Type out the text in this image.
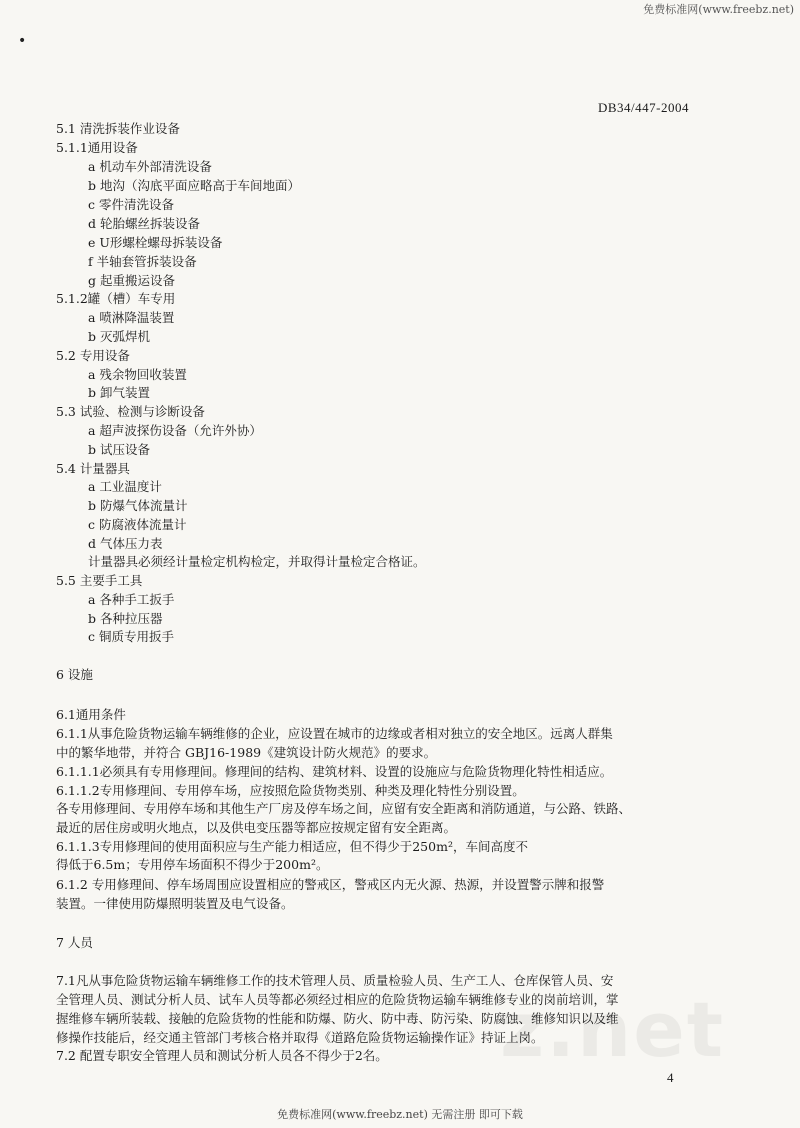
免费标准网(www.freebz.net)
•
DB34/447-2004
z.net
5.1 清洗拆装作业设备
5.1.1通用设备
a 机动车外部清洗设备
b 地沟（沟底平面应略高于车间地面）
c 零件清洗设备
d 轮胎螺丝拆装设备
e U形螺栓螺母拆装设备
f 半轴套管拆装设备
g 起重搬运设备
5.1.2罐（槽）车专用
a 喷淋降温装置
b 灭弧焊机
5.2 专用设备
a 残余物回收装置
b 卸气装置
5.3 试验、检测与诊断设备
a 超声波探伤设备（允许外协）
b 试压设备
5.4 计量器具
a 工业温度计
b 防爆气体流量计
c 防腐液体流量计
d 气体压力表
计量器具必须经计量检定机构检定，并取得计量检定合格证。
5.5 主要手工具
a 各种手工扳手
b 各种拉压器
c 铜质专用扳手
6 设施
6.1通用条件
6.1.1从事危险货物运输车辆维修的企业，应设置在城市的边缘或者相对独立的安全地区。远离人群集
中的繁华地带，并符合 GBJ16-1989《建筑设计防火规范》的要求。
6.1.1.1必须具有专用修理间。修理间的结构、建筑材料、设置的设施应与危险货物理化特性相适应。
6.1.1.2专用修理间、专用停车场，应按照危险货物类别、种类及理化特性分别设置。
各专用修理间、专用停车场和其他生产厂房及停车场之间，应留有安全距离和消防通道，与公路、铁路、
最近的居住房或明火地点，以及供电变压器等都应按规定留有安全距离。
6.1.1.3专用修理间的使用面积应与生产能力相适应，但不得少于250m²，车间高度不
得低于6.5m；专用停车场面积不得少于200m²。
6.1.2 专用修理间、停车场周围应设置相应的警戒区，警戒区内无火源、热源，并设置警示牌和报警
装置。一律使用防爆照明装置及电气设备。
7 人员
7.1凡从事危险货物运输车辆维修工作的技术管理人员、质量检验人员、生产工人、仓库保管人员、安
全管理人员、测试分析人员、试车人员等都必须经过相应的危险货物运输车辆维修专业的岗前培训，掌
握维修车辆所装载、接触的危险货物的性能和防爆、防火、防中毒、防污染、防腐蚀、维修知识以及维
修操作技能后，经交通主管部门考核合格并取得《道路危险货物运输操作证》持证上岗。
7.2 配置专职安全管理人员和测试分析人员各不得少于2名。
4
免费标准网(www.freebz.net) 无需注册 即可下载
